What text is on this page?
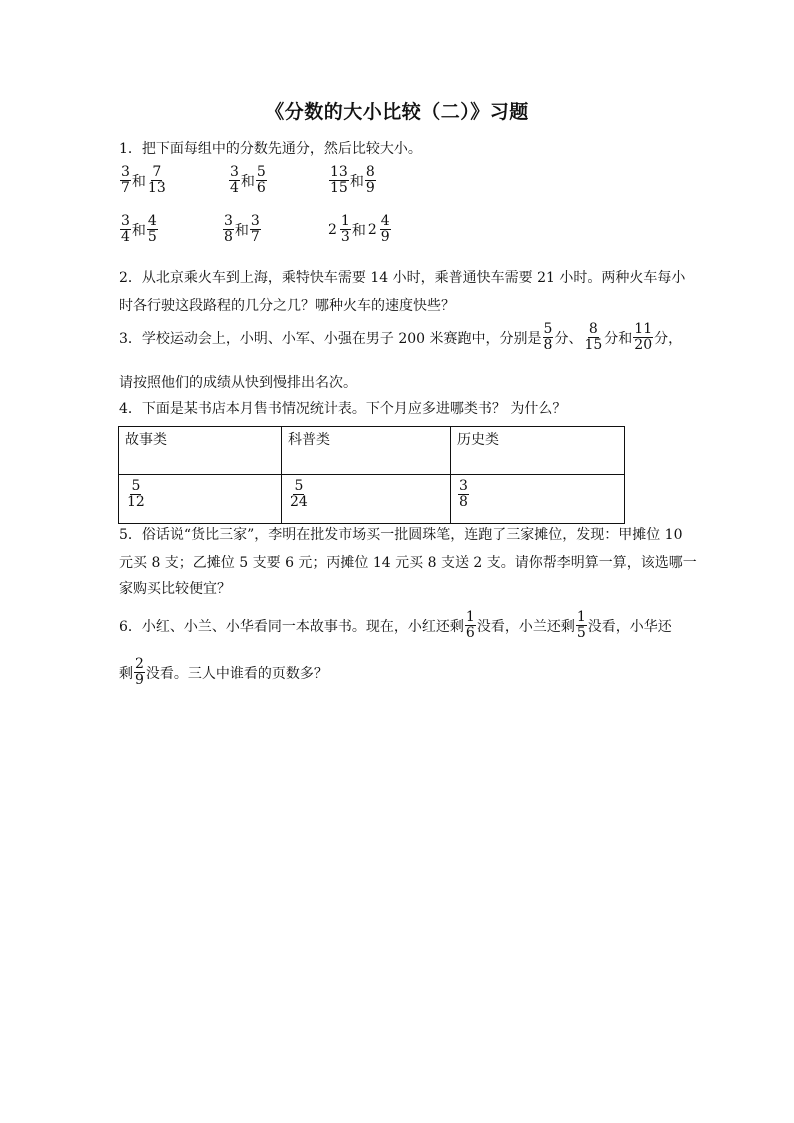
《分数的大小比较（二）》习题
1．把下面每组中的分数先通分，然后比较大小。
$\frac{3}{7}$ 和 $\frac{7}{13}$	$\frac{3}{4}$ 和 $\frac{5}{6}$	$\frac{13}{15}$ 和 $\frac{8}{9}$
$\frac{3}{4}$ 和 $\frac{4}{5}$	$\frac{3}{8}$ 和 $\frac{3}{7}$	$2 \frac{1}{3}$ 和 $2 \frac{4}{9}$
2．从北京乘火车到上海，乘特快车需要 14 小时，乘普通快车需要 21 小时。两种火车每小
时各行驶这段路程的几分之几？哪种火车的速度快些？
3．学校运动会上，小明、小军、小强在男子 200 米赛跑中，分别是 $\frac{5}{8}$ 分、 $\frac{8}{15}$ 分和 $\frac{11}{20}$ 分，
请按照他们的成绩从快到慢排出名次。
4．下面是某书店本月售书情况统计表。下个月应多进哪类书？ 为什么？
故事类	科普类	历史类

$\frac{5}{12}$	$\frac{5}{24}$	$\frac{3}{8}$
5．俗话说“货比三家”，李明在批发市场买一批圆珠笔，连跑了三家摊位，发现：甲摊位 10
元买 8 支；乙摊位 5 支要 6 元；丙摊位 14 元买 8 支送 2 支。请你帮李明算一算，该选哪一
家购买比较便宜？
6．小红、小兰、小华看同一本故事书。现在，小红还剩 $\frac{1}{6}$ 没看，小兰还剩 $\frac{1}{5}$ 没看，小华还
剩 $\frac{2}{9}$ 没看。三人中谁看的页数多？
